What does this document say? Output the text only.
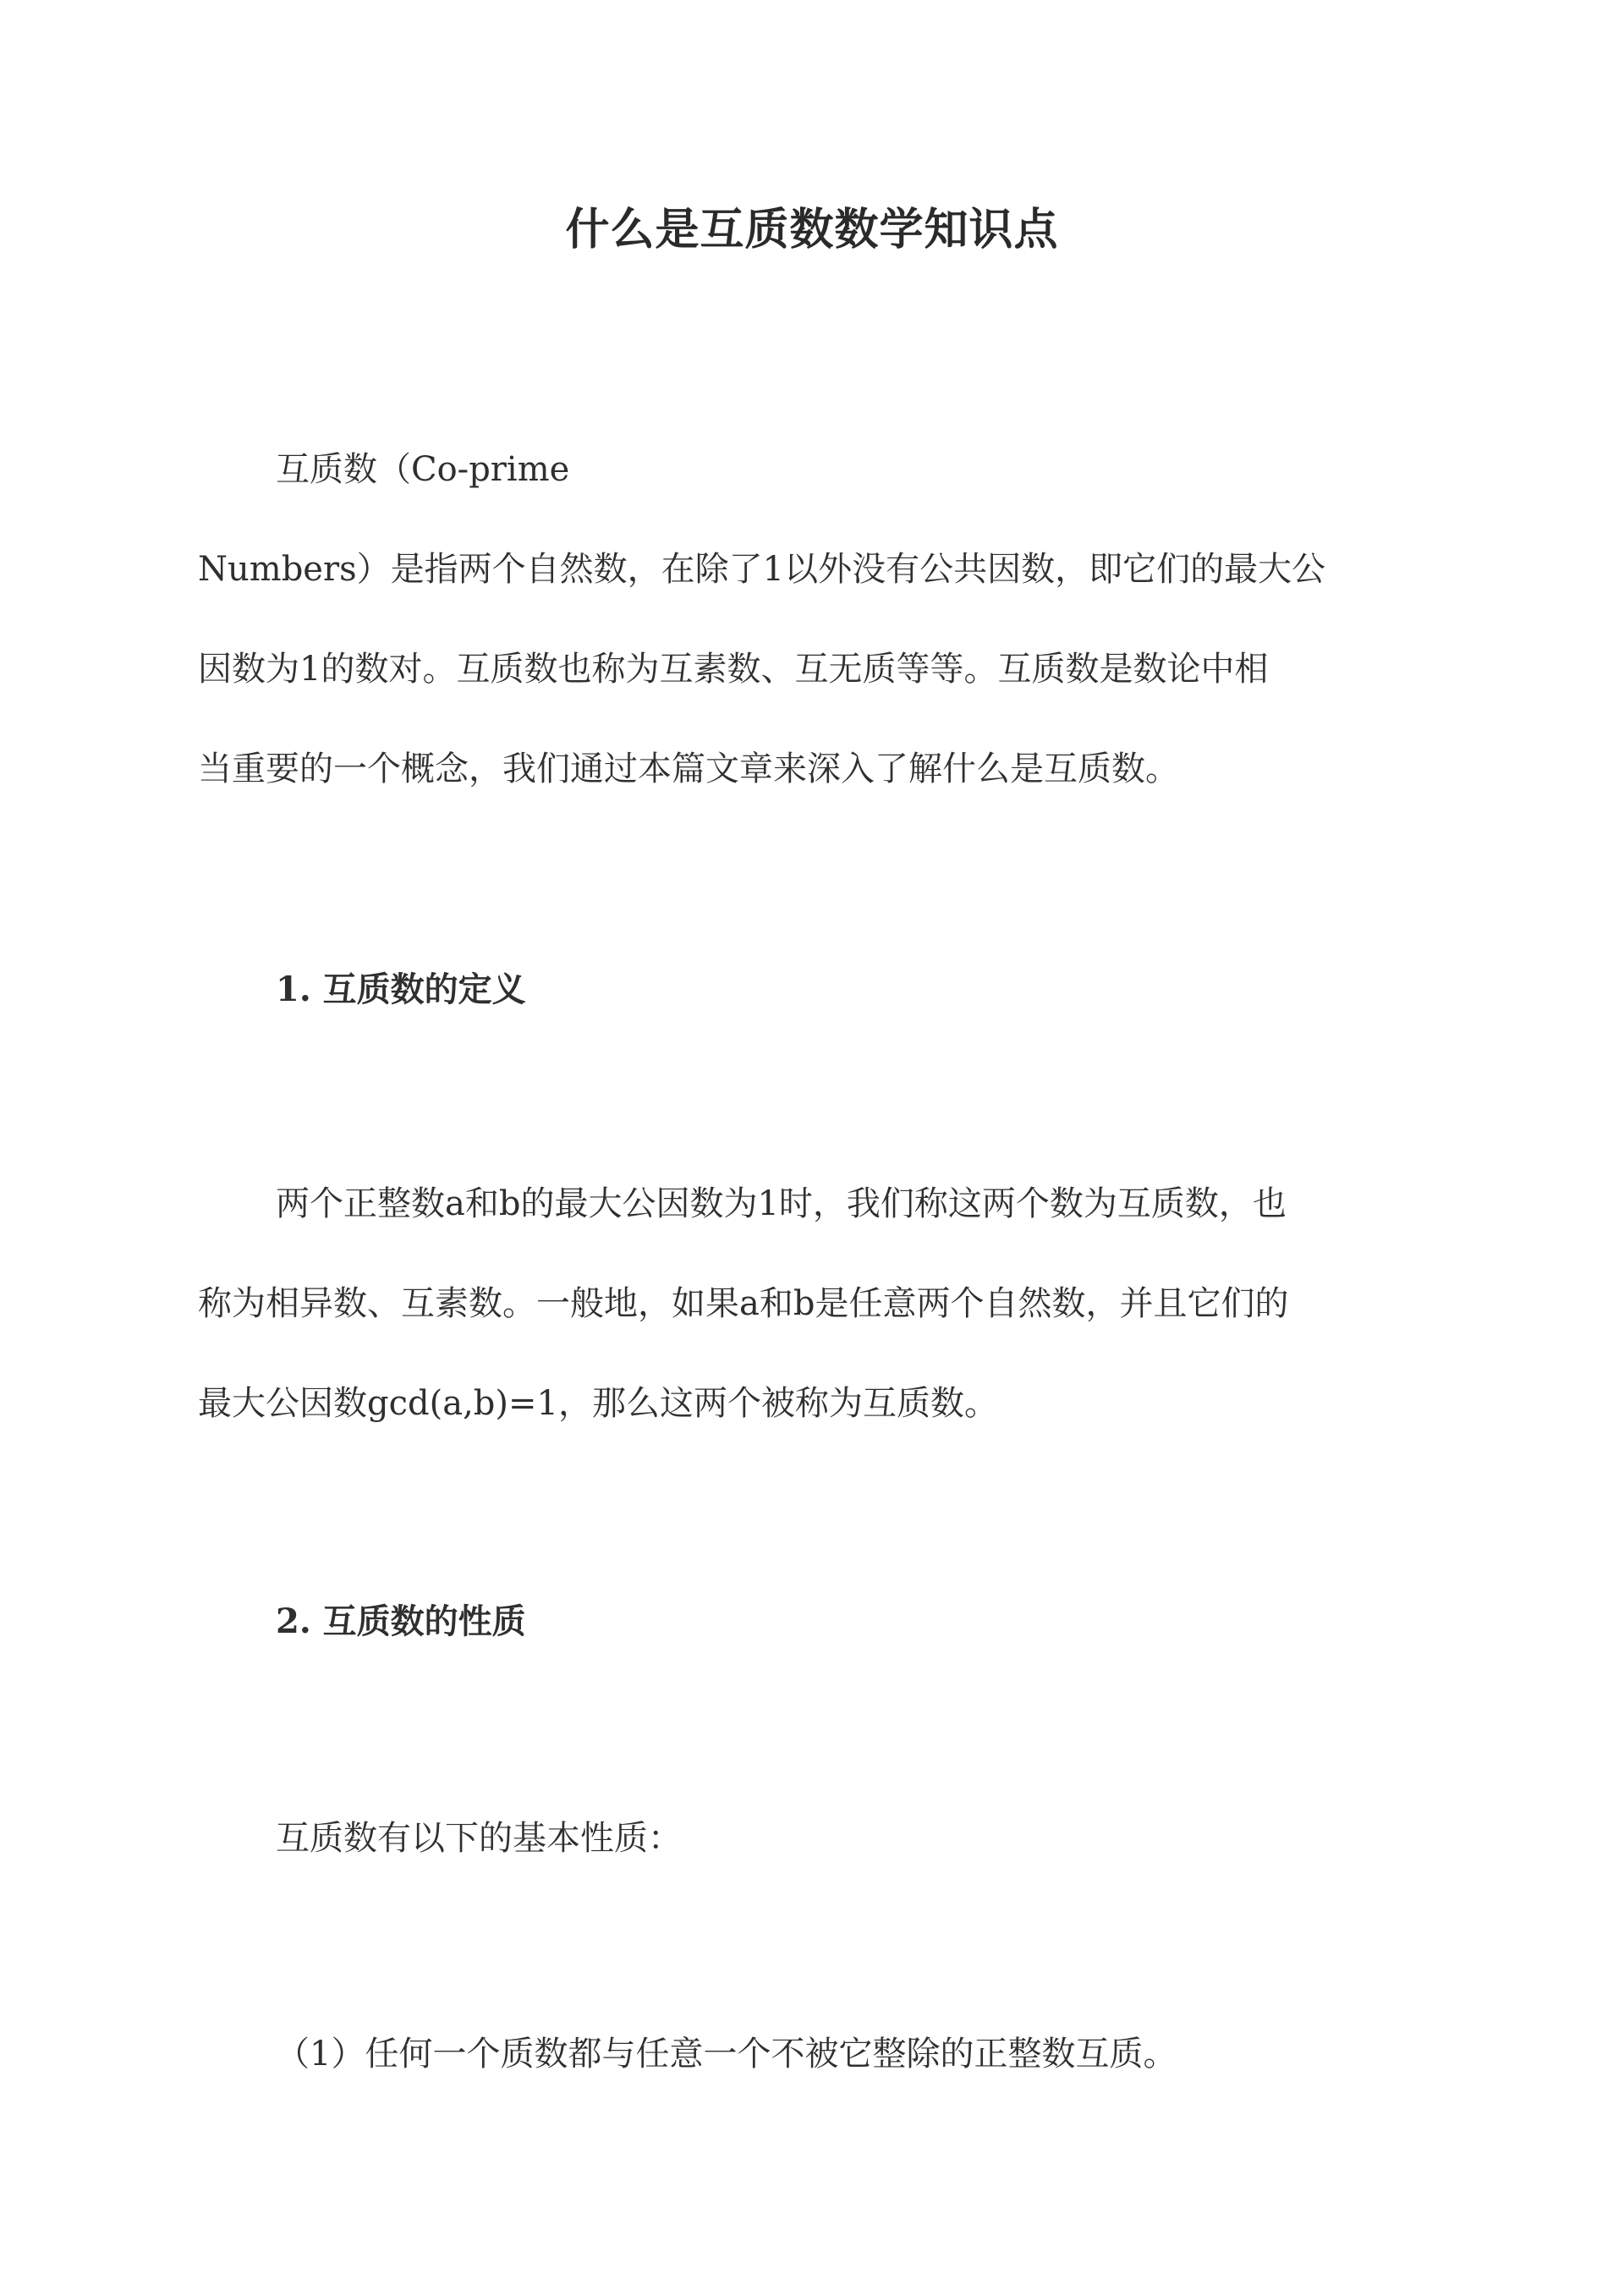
什么是互质数数学知识点

互质数（Co-prime
Numbers）是指两个自然数，在除了1以外没有公共因数，即它们的最大公
因数为1的数对。互质数也称为互素数、互无质等等。互质数是数论中相
当重要的一个概念，我们通过本篇文章来深入了解什么是互质数。

1. 互质数的定义

两个正整数a和b的最大公因数为1时，我们称这两个数为互质数，也
称为相异数、互素数。一般地，如果a和b是任意两个自然数，并且它们的
最大公因数gcd(a,b)=1，那么这两个被称为互质数。

2. 互质数的性质

互质数有以下的基本性质：

（1）任何一个质数都与任意一个不被它整除的正整数互质。
